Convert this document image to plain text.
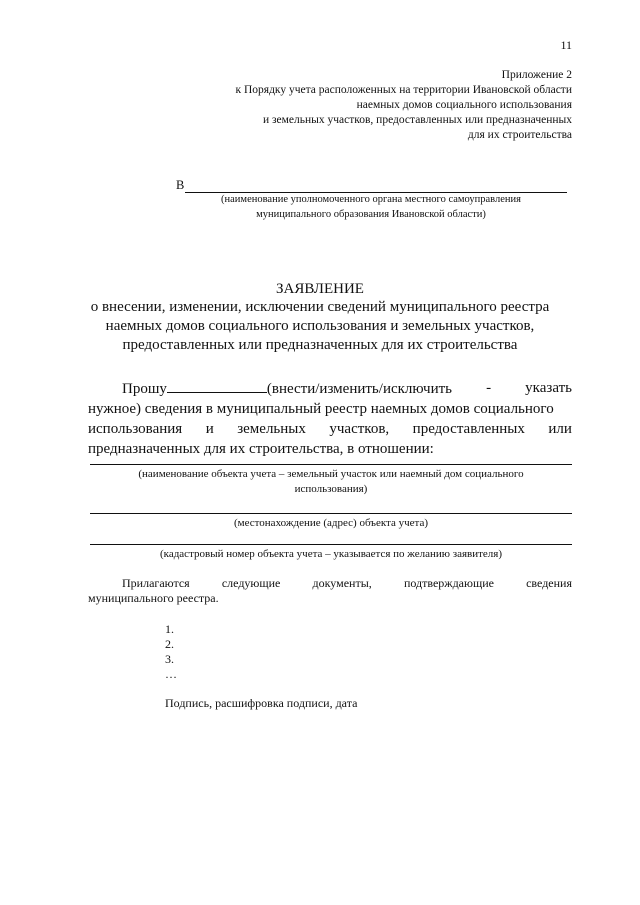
11
Приложение 2
к Порядку учета расположенных на территории Ивановской области
наемных домов социального использования
и земельных участков, предоставленных или предназначенных
для их строительства
В
(наименование уполномоченного органа местного самоуправления
муниципального образования Ивановской области)
ЗАЯВЛЕНИЕ
о внесении, изменении, исключении сведений муниципального реестра
наемных домов социального использования и земельных участков,
предоставленных или предназначенных для их строительства
Прошу	(внести/изменить/исключить - указать
нужное) сведения в муниципальный реестр наемных домов социального
использования и земельных участков, предоставленных или
предназначенных для их строительства, в отношении:
(наименование объекта учета – земельный участок или наемный дом социального
использования)
(местонахождение (адрес) объекта учета)
(кадастровый номер объекта учета – указывается по желанию заявителя)
Прилагаются	следующие	документы,	подтверждающие	сведения
муниципального реестра.
1.
2.
3.
…
Подпись, расшифровка подписи, дата
